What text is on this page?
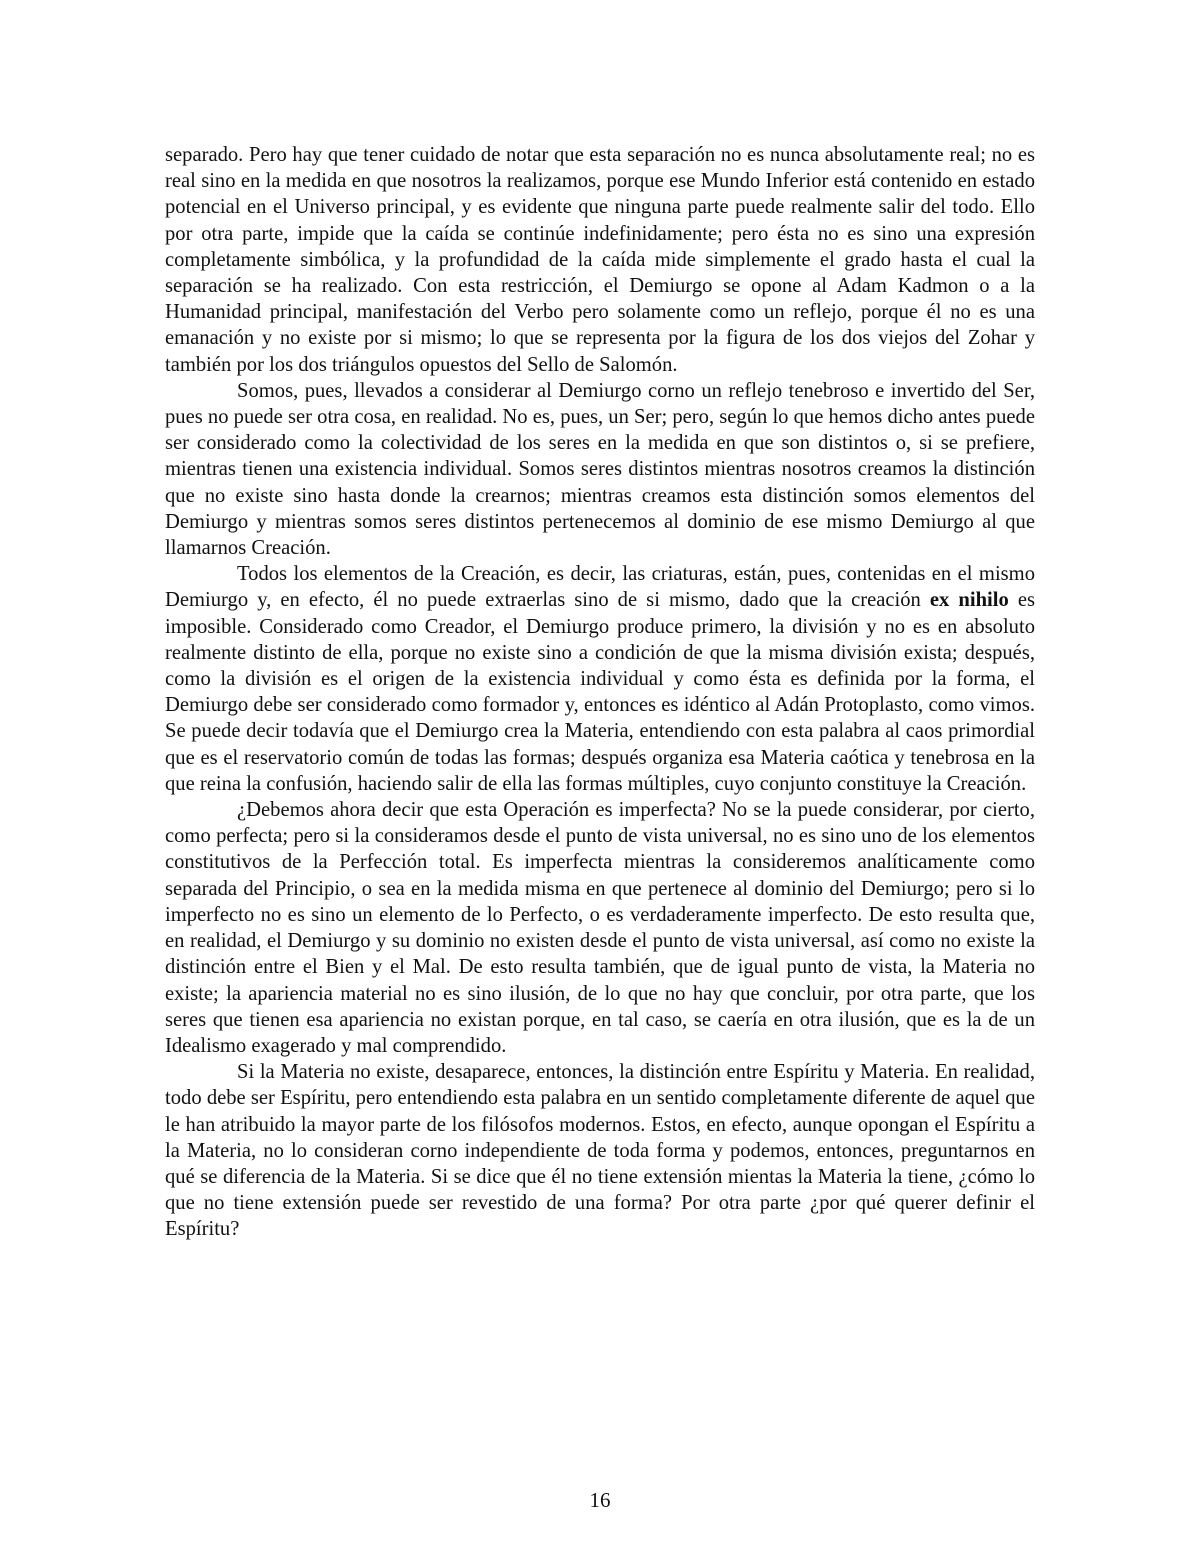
separado. Pero hay que tener cuidado de notar que esta separación no es nunca absolutamente real; no es real sino en la medida en que nosotros la realizamos, porque ese Mundo Inferior está contenido en estado potencial en el Universo principal, y es evidente que ninguna parte puede realmente salir del todo. Ello por otra parte, impide que la caída se continúe indefinidamente; pero ésta no es sino una expresión completamente simbólica, y la profundidad de la caída mide simplemente el grado hasta el cual la separación se ha realizado. Con esta restricción, el Demiurgo se opone al Adam Kadmon o a la Humanidad principal, manifestación del Verbo pero solamente como un reflejo, porque él no es una emanación y no existe por si mismo; lo que se representa por la figura de los dos viejos del Zohar y también por los dos triángulos opuestos del Sello de Salomón.

Somos, pues, llevados a considerar al Demiurgo corno un reflejo tenebroso e invertido del Ser, pues no puede ser otra cosa, en realidad. No es, pues, un Ser; pero, según lo que hemos dicho antes puede ser considerado como la colectividad de los seres en la medida en que son distintos o, si se prefiere, mientras tienen una existencia individual. Somos seres distintos mientras nosotros creamos la distinción que no existe sino hasta donde la crearnos; mientras creamos esta distinción somos elementos del Demiurgo y mientras somos seres distintos pertenecemos al dominio de ese mismo Demiurgo al que llamarnos Creación.

Todos los elementos de la Creación, es decir, las criaturas, están, pues, contenidas en el mismo Demiurgo y, en efecto, él no puede extraerlas sino de si mismo, dado que la creación ex nihilo es imposible. Considerado como Creador, el Demiurgo produce primero, la división y no es en absoluto realmente distinto de ella, porque no existe sino a condición de que la misma división exista; después, como la división es el origen de la existencia individual y como ésta es definida por la forma, el Demiurgo debe ser considerado como formador y, entonces es idéntico al Adán Protoplasto, como vimos. Se puede decir todavía que el Demiurgo crea la Materia, entendiendo con esta palabra al caos primordial que es el reservatorio común de todas las formas; después organiza esa Materia caótica y tenebrosa en la que reina la confusión, haciendo salir de ella las formas múltiples, cuyo conjunto constituye la Creación.

¿Debemos ahora decir que esta Operación es imperfecta? No se la puede considerar, por cierto, como perfecta; pero si la consideramos desde el punto de vista universal, no es sino uno de los elementos constitutivos de la Perfección total. Es imperfecta mientras la consideremos analíticamente como separada del Principio, o sea en la medida misma en que pertenece al dominio del Demiurgo; pero si lo imperfecto no es sino un elemento de lo Perfecto, o es verdaderamente imperfecto. De esto resulta que, en realidad, el Demiurgo y su dominio no existen desde el punto de vista universal, así como no existe la distinción entre el Bien y el Mal. De esto resulta también, que de igual punto de vista, la Materia no existe; la apariencia material no es sino ilusión, de lo que no hay que concluir, por otra parte, que los seres que tienen esa apariencia no existan porque, en tal caso, se caería en otra ilusión, que es la de un Idealismo exagerado y mal comprendido.

Si la Materia no existe, desaparece, entonces, la distinción entre Espíritu y Materia. En realidad, todo debe ser Espíritu, pero entendiendo esta palabra en un sentido completamente diferente de aquel que le han atribuido la mayor parte de los filósofos modernos. Estos, en efecto, aunque opongan el Espíritu a la Materia, no lo consideran corno independiente de toda forma y podemos, entonces, preguntarnos en qué se diferencia de la Materia. Si se dice que él no tiene extensión mientas la Materia la tiene, ¿cómo lo que no tiene extensión puede ser revestido de una forma? Por otra parte ¿por qué querer definir el Espíritu?

16
